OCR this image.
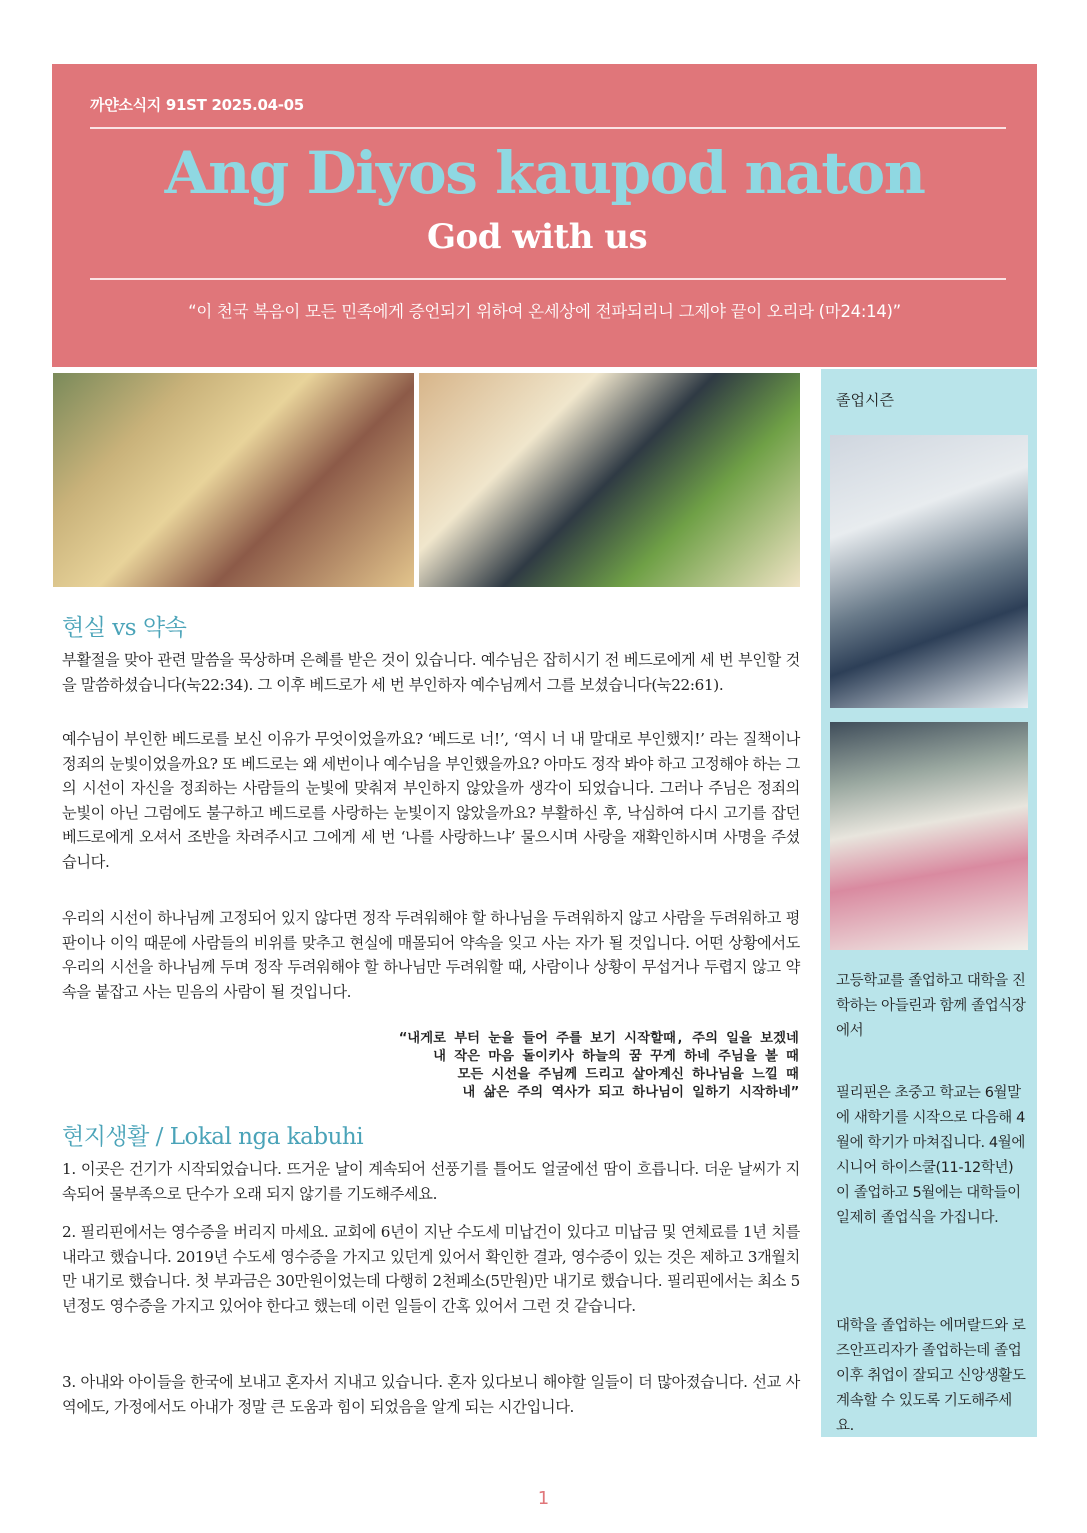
까얀소식지 91ST 2025.04-05
Ang Diyos kaupod naton
God with us
“이 천국 복음이 모든 민족에게 증언되기 위하여 온세상에 전파되리니 그제야 끝이 오리라 (마24:14)”
현실 vs 약속

부활절을 맞아 관련 말씀을 묵상하며 은혜를 받은 것이 있습니다. 예수님은 잡히시기 전 베드로에게 세 번 부인할 것을 말씀하셨습니다(눅22:34). 그 이후 베드로가 세 번 부인하자 예수님께서 그를 보셨습니다(눅22:61).

예수님이 부인한 베드로를 보신 이유가 무엇이었을까요? ‘베드로 너!’, ‘역시 너 내 말대로 부인했지!’ 라는 질책이나 정죄의 눈빛이었을까요? 또 베드로는 왜 세번이나 예수님을 부인했을까요? 아마도 정작 봐야 하고 고정해야 하는 그의 시선이 자신을 정죄하는 사람들의 눈빛에 맞춰져 부인하지 않았을까 생각이 되었습니다. 그러나 주님은 정죄의 눈빛이 아닌 그럼에도 불구하고 베드로를 사랑하는 눈빛이지 않았을까요? 부활하신 후, 낙심하여 다시 고기를 잡던 베드로에게 오셔서 조반을 차려주시고 그에게 세 번 ‘나를 사랑하느냐’ 물으시며 사랑을 재확인하시며 사명을 주셨습니다.

우리의 시선이 하나님께 고정되어 있지 않다면 정작 두려워해야 할 하나님을 두려워하지 않고 사람을 두려워하고 평판이나 이익 때문에 사람들의 비위를 맞추고 현실에 매몰되어 약속을 잊고 사는 자가 될 것입니다. 어떤 상황에서도 우리의 시선을 하나님께 두며 정작 두려워해야 할 하나님만 두려워할 때, 사람이나 상황이 무섭거나 두렵지 않고 약속을 붙잡고 사는 믿음의 사람이 될 것입니다.

“내게로 부터 눈을 들어 주를 보기 시작할때, 주의 일을 보겠네
내 작은 마음 돌이키사 하늘의 꿈 꾸게 하네 주님을 볼 때
모든 시선을 주님께 드리고 살아계신 하나님을 느낄 때
내 삶은 주의 역사가 되고 하나님이 일하기 시작하네”
현지생활 / Lokal nga kabuhi

1. 이곳은 건기가 시작되었습니다. 뜨거운 날이 계속되어 선풍기를 틀어도 얼굴에선 땀이 흐릅니다. 더운 날씨가 지속되어 물부족으로 단수가 오래 되지 않기를 기도해주세요.

2. 필리핀에서는 영수증을 버리지 마세요. 교회에 6년이 지난 수도세 미납건이 있다고 미납금 및 연체료를 1년 치를 내라고 했습니다. 2019년 수도세 영수증을 가지고 있던게 있어서 확인한 결과, 영수증이 있는 것은 제하고 3개월치만 내기로 했습니다. 첫 부과금은 30만원이었는데 다행히 2천페소(5만원)만 내기로 했습니다. 필리핀에서는 최소 5년정도 영수증을 가지고 있어야 한다고 했는데 이런 일들이 간혹 있어서 그런 것 같습니다.

3. 아내와 아이들을 한국에 보내고 혼자서 지내고 있습니다. 혼자 있다보니 해야할 일들이 더 많아졌습니다. 선교 사역에도, 가정에서도 아내가 정말 큰 도움과 힘이 되었음을 알게 되는 시간입니다.

졸업시즌
고등학교를 졸업하고 대학을 진학하는 아들린과 함께 졸업식장에서
필리핀은 초중고 학교는 6월말에 새학기를 시작으로 다음해 4월에 학기가 마쳐집니다. 4월에 시니어 하이스쿨(11-12학년)이 졸업하고 5월에는 대학들이 일제히 졸업식을 가집니다.
대학을 졸업하는 에머랄드와 로즈안프리자가 졸업하는데 졸업이후 취업이 잘되고 신앙생활도 계속할 수 있도록 기도해주세요.
1
